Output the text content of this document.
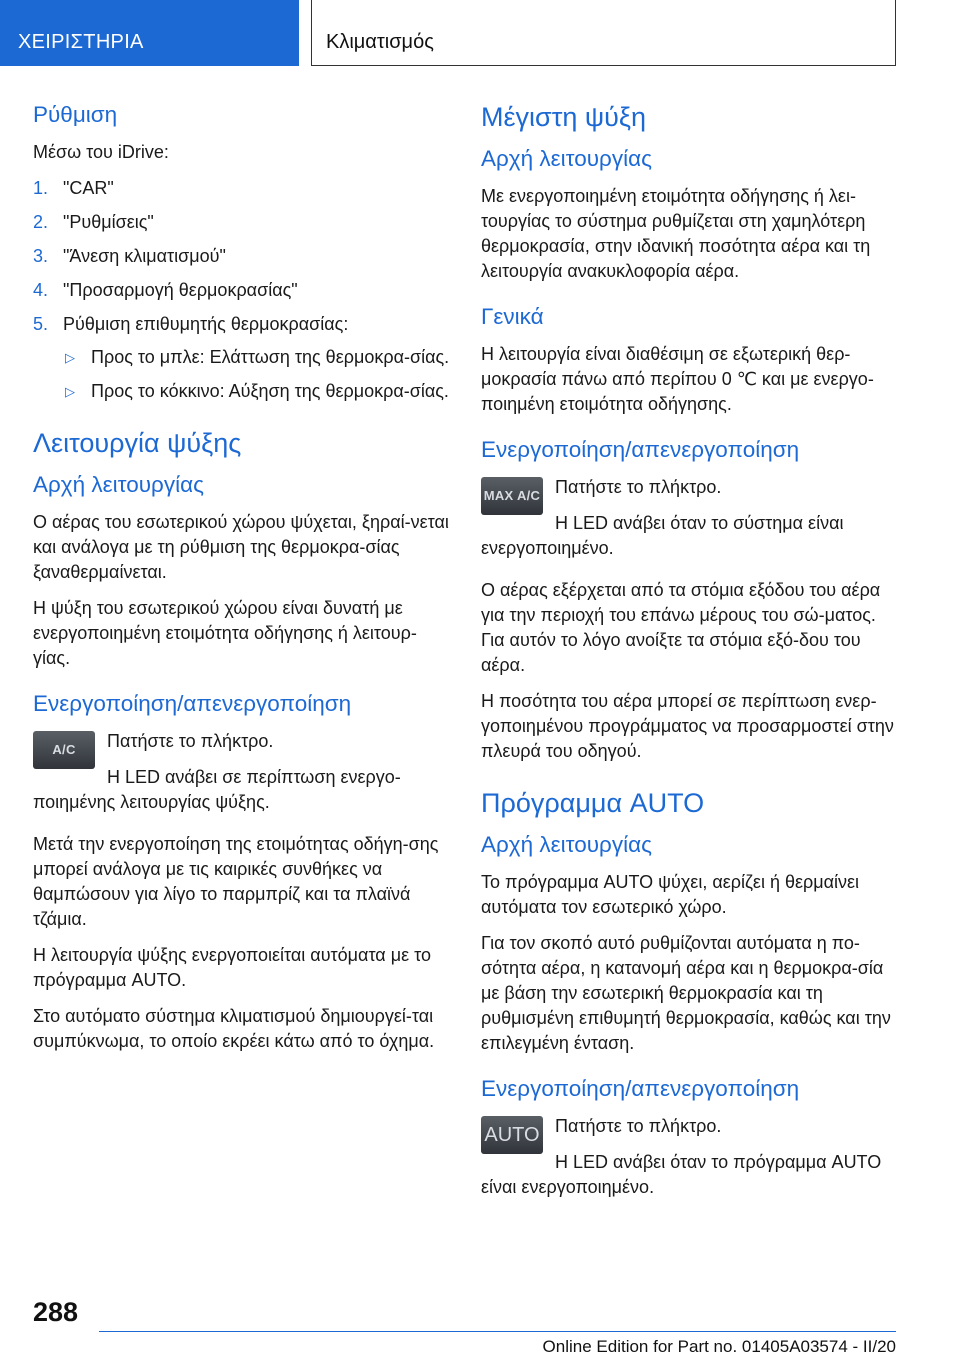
ΧΕΙΡΙΣΤΗΡΙΑ	Κλιματισμός
Ρύθμιση

Μέσω του iDrive:

1. "CAR"
2. "Ρυθμίσεις"
3. "Άνεση κλιματισμού"
4. "Προσαρμογή θερμοκρασίας"
5. Ρύθμιση επιθυμητής θερμοκρασίας:
▷ Προς το μπλε: Ελάττωση της θερμοκρα-σίας.
▷ Προς το κόκκινο: Αύξηση της θερμοκρα-σίας.
Λειτουργία ψύξης
Αρχή λειτουργίας

Ο αέρας του εσωτερικού χώρου ψύχεται, ξηραί-νεται και ανάλογα με τη ρύθμιση της θερμοκρα-σίας ξαναθερμαίνεται.

Η ψύξη του εσωτερικού χώρου είναι δυνατή με ενεργοποιημένη ετοιμότητα οδήγησης ή λειτουρ-γίας.

Ενεργοποίηση/απενεργοποίηση
A/C	Πατήστε το πλήκτρο.

Η LED ανάβει σε περίπτωση ενεργο-ποιημένης λειτουργίας ψύξης.

Μετά την ενεργοποίηση της ετοιμότητας οδήγη-σης μπορεί ανάλογα με τις καιρικές συνθήκες να θαμπώσουν για λίγο το παρμπρίζ και τα πλαϊνά τζάμια.

Η λειτουργία ψύξης ενεργοποιείται αυτόματα με το πρόγραμμα AUTO.

Στο αυτόματο σύστημα κλιματισμού δημιουργεί-ται συμπύκνωμα, το οποίο εκρέει κάτω από το όχημα.

Μέγιστη ψύξη
Αρχή λειτουργίας

Με ενεργοποιημένη ετοιμότητα οδήγησης ή λει-τουργίας το σύστημα ρυθμίζεται στη χαμηλότερη θερμοκρασία, στην ιδανική ποσότητα αέρα και τη λειτουργία ανακυκλοφορία αέρα.

Γενικά

Η λειτουργία είναι διαθέσιμη σε εξωτερική θερ-μοκρασία πάνω από περίπου 0 ℃ και με ενεργο-ποιημένη ετοιμότητα οδήγησης.

Ενεργοποίηση/απενεργοποίηση
MAX A/C Πατήστε το πλήκτρο.

Η LED ανάβει όταν το σύστημα είναι ενεργοποιημένο.

Ο αέρας εξέρχεται από τα στόμια εξόδου του αέρα για την περιοχή του επάνω μέρους του σώ-ματος. Για αυτόν το λόγο ανοίξτε τα στόμια εξό-δου του αέρα.

Η ποσότητα του αέρα μπορεί σε περίπτωση ενερ-γοποιημένου προγράμματος να προσαρμοστεί στην πλευρά του οδηγού.

Πρόγραμμα AUTO
Αρχή λειτουργίας

Το πρόγραμμα AUTO ψύχει, αερίζει ή θερμαίνει αυτόματα τον εσωτερικό χώρο.

Για τον σκοπό αυτό ρυθμίζονται αυτόματα η πο-σότητα αέρα, η κατανομή αέρα και η θερμοκρα-σία με βάση την εσωτερική θερμοκρασία και τη ρυθμισμένη επιθυμητή θερμοκρασία, καθώς και την επιλεγμένη ένταση.

Ενεργοποίηση/απενεργοποίηση
AUTO Πατήστε το πλήκτρο.

Η LED ανάβει όταν το πρόγραμμα AUTO είναι ενεργοποιημένο.

288
Online Edition for Part no. 01405A03574 - II/20
